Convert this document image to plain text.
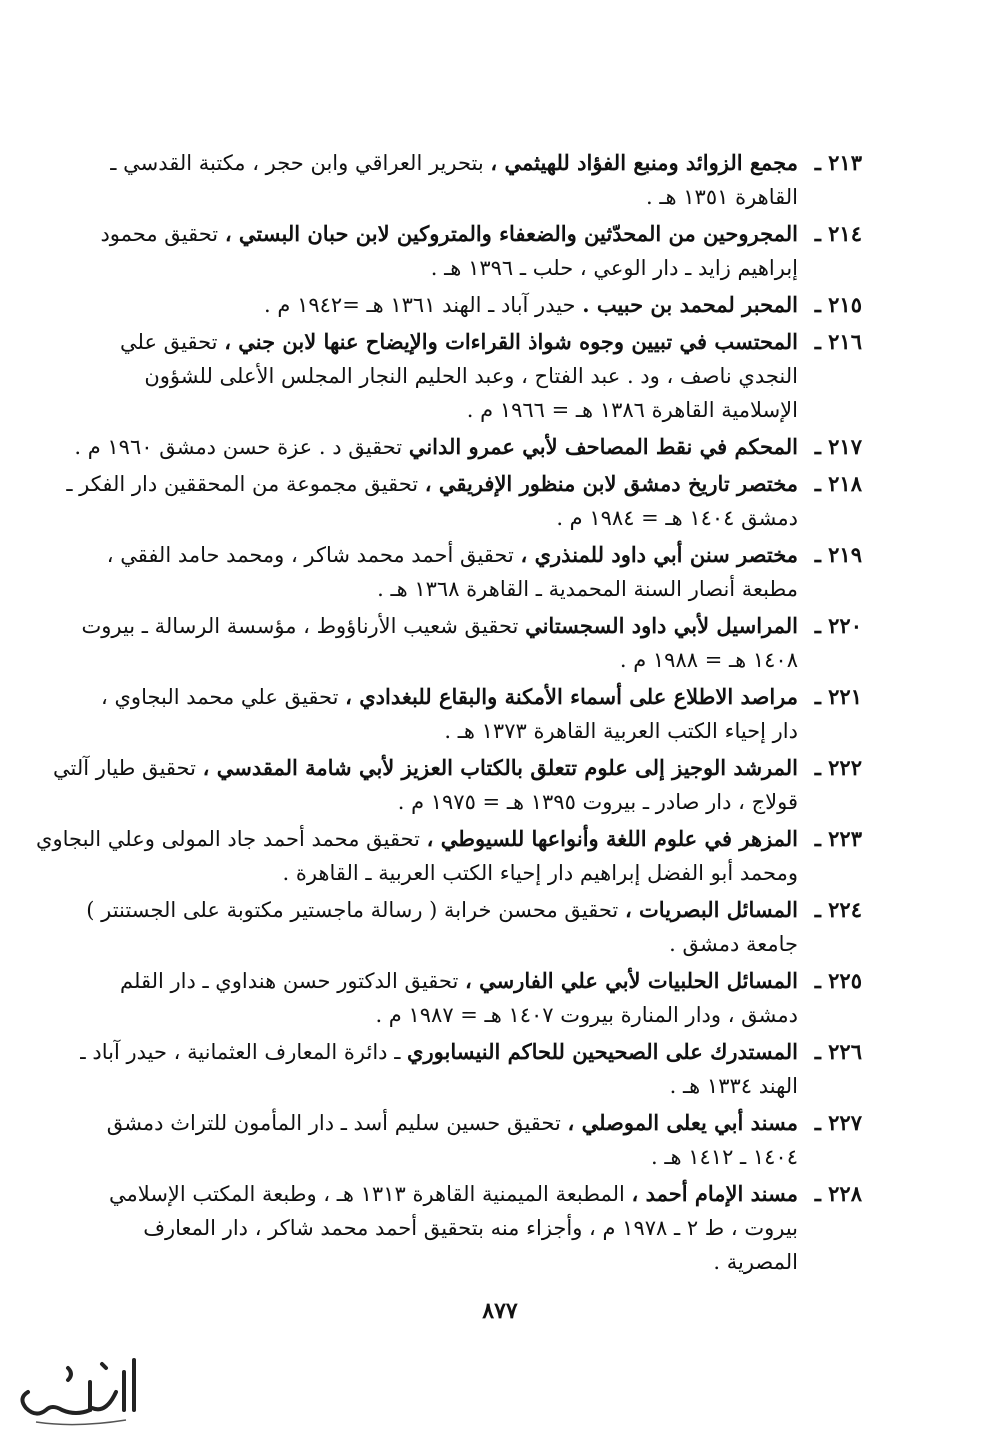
٢١٣ ـ
مجمع الزوائد ومنبع الفؤاد للهيثمي ، بتحرير العراقي وابن حجر ، مكتبة القدسي ـ
القاهرة ١٣٥١ هـ .
٢١٤ ـ
المجروحين من المحدّثين والضعفاء والمتروكين لابن حبان البستي ، تحقيق محمود
إبراهيم زايد ـ دار الوعي ، حلب ـ ١٣٩٦ هـ .
٢١٥ ـ
المحبر لمحمد بن حبيب . حيدر آباد ـ الهند ١٣٦١ هـ =١٩٤٢ م .
٢١٦ ـ
المحتسب في تبيين وجوه شواذ القراءات والإيضاح عنها لابن جني ، تحقيق علي
النجدي ناصف ، ود . عبد الفتاح ، وعبد الحليم النجار المجلس الأعلى للشؤون
الإسلامية القاهرة ١٣٨٦ هـ = ١٩٦٦ م .
٢١٧ ـ
المحكم في نقط المصاحف لأبي عمرو الداني تحقيق د . عزة حسن دمشق ١٩٦٠ م .
٢١٨ ـ
مختصر تاريخ دمشق لابن منظور الإفريقي ، تحقيق مجموعة من المحققين دار الفكر ـ
دمشق ١٤٠٤ هـ = ١٩٨٤ م .
٢١٩ ـ
مختصر سنن أبي داود للمنذري ، تحقيق أحمد محمد شاكر ، ومحمد حامد الفقي ،
مطبعة أنصار السنة المحمدية ـ القاهرة ١٣٦٨ هـ .
٢٢٠ ـ
المراسيل لأبي داود السجستاني تحقيق شعيب الأرناؤوط ، مؤسسة الرسالة ـ بيروت
١٤٠٨ هـ = ١٩٨٨ م .
٢٢١ ـ
مراصد الاطلاع على أسماء الأمكنة والبقاع للبغدادي ، تحقيق علي محمد البجاوي ،
دار إحياء الكتب العربية القاهرة ١٣٧٣ هـ .
٢٢٢ ـ
المرشد الوجيز إلى علوم تتعلق بالكتاب العزيز لأبي شامة المقدسي ، تحقيق طيار آلتي
قولاج ، دار صادر ـ بيروت ١٣٩٥ هـ = ١٩٧٥ م .
٢٢٣ ـ
المزهر في علوم اللغة وأنواعها للسيوطي ، تحقيق محمد أحمد جاد المولى وعلي البجاوي
ومحمد أبو الفضل إبراهيم دار إحياء الكتب العربية ـ القاهرة .
٢٢٤ ـ
المسائل البصريات ، تحقيق محسن خرابة ( رسالة ماجستير مكتوبة على الجستنتر )
جامعة دمشق .
٢٢٥ ـ
المسائل الحلبيات لأبي علي الفارسي ، تحقيق الدكتور حسن هنداوي ـ دار القلم
دمشق ، ودار المنارة بيروت ١٤٠٧ هـ = ١٩٨٧ م .
٢٢٦ ـ
المستدرك على الصحيحين للحاكم النيسابوري ـ دائرة المعارف العثمانية ، حيدر آباد ـ
الهند ١٣٣٤ هـ .
٢٢٧ ـ
مسند أبي يعلى الموصلي ، تحقيق حسين سليم أسد ـ دار المأمون للتراث دمشق
١٤٠٤ ـ ١٤١٢ هـ .
٢٢٨ ـ
مسند الإمام أحمد ، المطبعة الميمنية القاهرة ١٣١٣ هـ ، وطبعة المكتب الإسلامي
بيروت ، ط ٢ ـ ١٩٧٨ م ، وأجزاء منه بتحقيق أحمد محمد شاكر ، دار المعارف
المصرية .
٨٧٧
